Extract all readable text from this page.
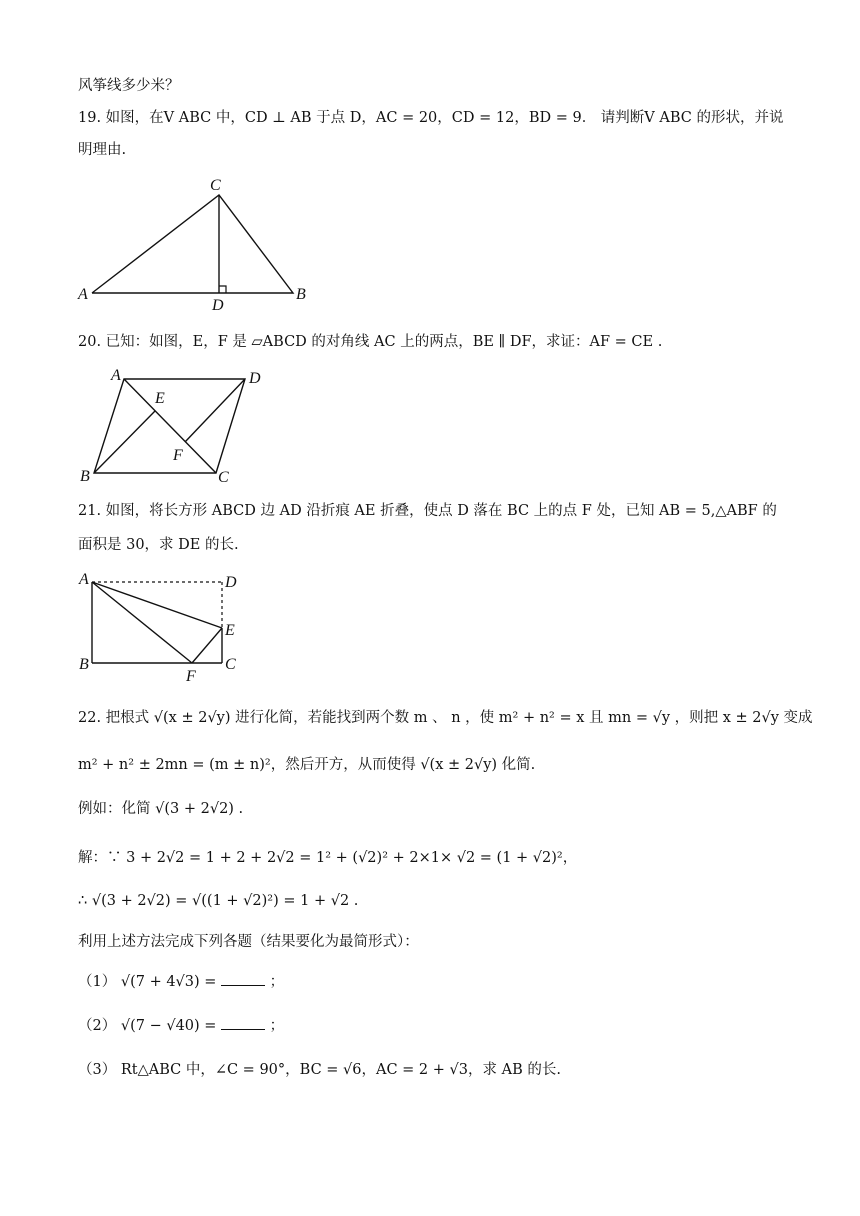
风筝线多少米？
19. 如图，在V ABC 中，CD ⊥ AB 于点 D，AC = 20，CD = 12，BD = 9． 请判断V ABC 的形状，并说
明理由.
C
A
D
B
20. 已知：如图，E，F 是 ▱ABCD 的对角线 AC 上的两点，BE ∥ DF，求证：AF = CE .
A	D
E
F
B	C
21. 如图，将长方形 ABCD 边 AD 沿折痕 AE 折叠，使点 D 落在 BC 上的点 F 处，已知 AB = 5,△ABF 的
面积是 30，求 DE 的长.
A	D
E
B	C
F
22. 把根式 √(x ± 2√y) 进行化简，若能找到两个数 m 、 n ，使 m² + n² = x 且 mn = √y ，则把 x ± 2√y 变成
m² + n² ± 2mn = (m ± n)²，然后开方，从而使得 √(x ± 2√y) 化简.
例如：化简 √(3 + 2√2) .
解：∵ 3 + 2√2 = 1 + 2 + 2√2 = 1² + (√2)² + 2×1× √2 = (1 + √2)²，
∴ √(3 + 2√2) = √((1 + √2)²) = 1 + √2 .
利用上述方法完成下列各题（结果要化为最简形式）：
（1） √(7 + 4√3) =	；
（2） √(7 − √40) =	；
（3） Rt△ABC 中，∠C = 90°，BC = √6，AC = 2 + √3，求 AB 的长.
